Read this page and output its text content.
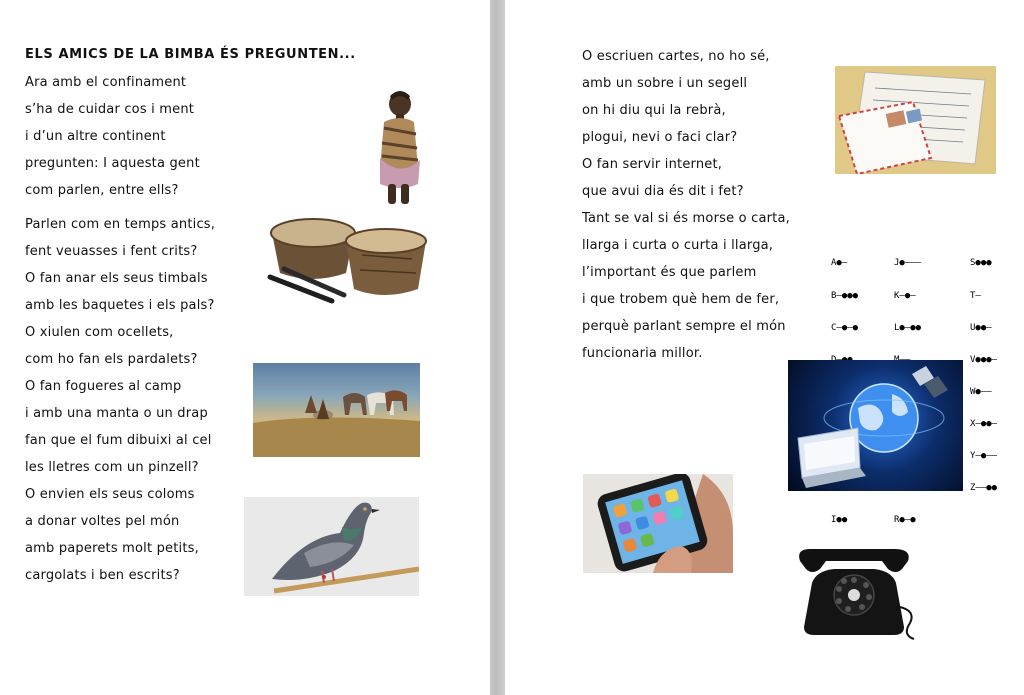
ELS AMICS DE LA BIMBA ÉS PREGUNTEN...
Ara amb el confinament
s’ha de cuidar cos i ment
i d’un altre continent
pregunten: I aquesta gent
com parlen, entre ells?
Parlen com en temps antics,
fent veuasses i fent crits?
O fan anar els seus timbals
amb les baquetes i els pals?
O xiulen com ocellets,
com ho fan els pardalets?
O fan fogueres al camp
i amb una manta o un drap
fan que el fum dibuixi al cel
les lletres com un pinzell?
O envien els seus coloms
a donar voltes pel món
amb paperets molt petits,
cargolats i ben escrits?
O escriuen cartes, no ho sé,
amb un sobre i un segell
on hi diu qui la rebrà,
plogui, nevi o faci clar?
O fan servir internet,
que avui dia és dit i fet?
Tant se val si és morse o carta,
llarga i curta o curta i llarga,
l’important és que parlem
i que trobem què hem de fer,
perquè parlant sempre el món
funcionaria millor.

A●–

B–●●●

C–●–●

I●●

J●–––

K–●–

L●–●●

R●–●

S●●●

T–

U●●–

V●●●–

W●––

X–●●–

Y–●––

Z––●●
